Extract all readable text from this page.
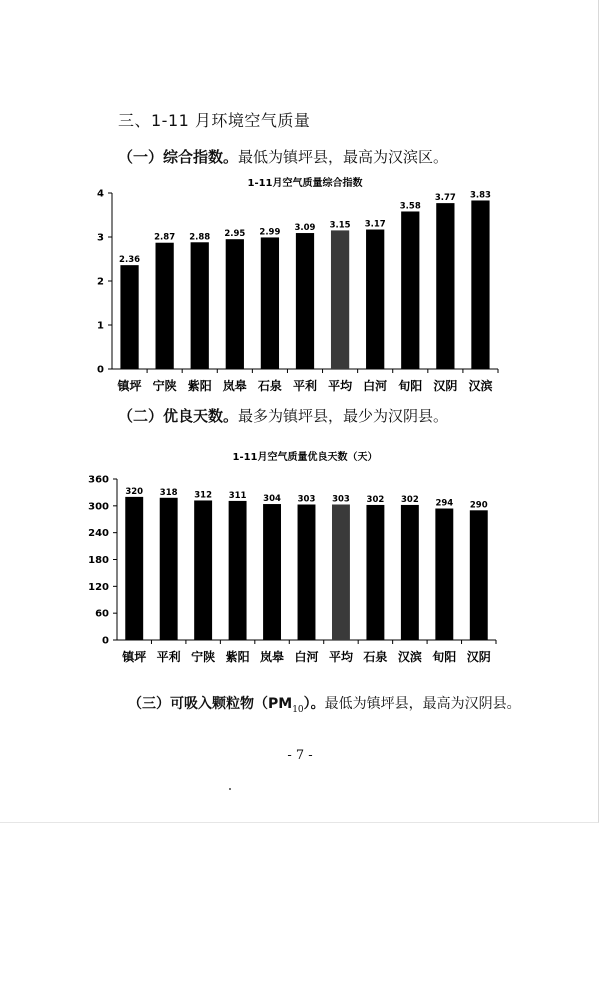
三、1-11 月环境空气质量
（一）综合指数。最低为镇坪县，最高为汉滨区。
1-11月空气质量综合指数
0
1
2
3
4
2.36
镇坪
2.87
宁陕
2.88
紫阳
2.95
岚皋
2.99
石泉
3.09
平利
3.15
平均
3.17
白河
3.58
旬阳
3.77
汉阴
3.83
汉滨
（二）优良天数。最多为镇坪县，最少为汉阴县。
1-11月空气质量优良天数（天）
0
60
120
180
240
300
360
320
镇坪
318
平利
312
宁陕
311
紫阳
304
岚皋
303
白河
303
平均
302
石泉
302
汉滨
294
旬阳
290
汉阴
（三）可吸入颗粒物$(PM_{10})$。最低为镇坪县，最高为汉阴县。
- 7 -
